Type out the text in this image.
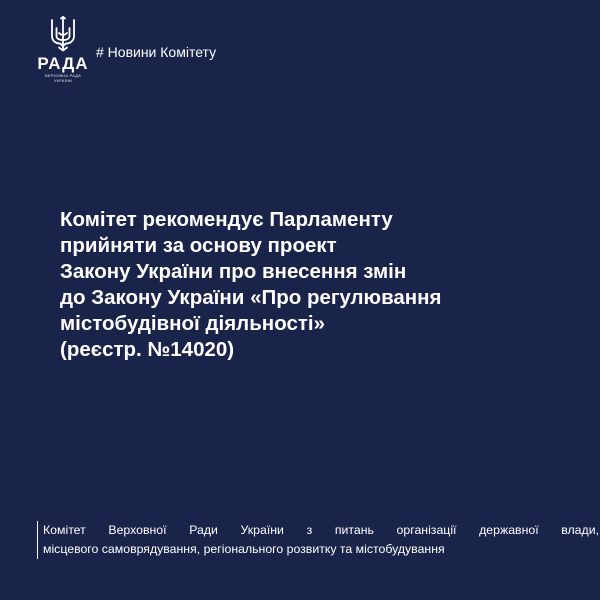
РАДА
ВЕРХОВНА РАДА
УКРАЇНИ
# Новини Комітету
Комітет рекомендує Парламенту
прийняти за основу проект
Закону України про внесення змін
до Закону України «Про регулювання
містобудівної діяльності»
(реєстр. №14020)
Комітет Верховної Ради України з питань організації державної влади,
місцевого самоврядування, регіонального розвитку та містобудування
